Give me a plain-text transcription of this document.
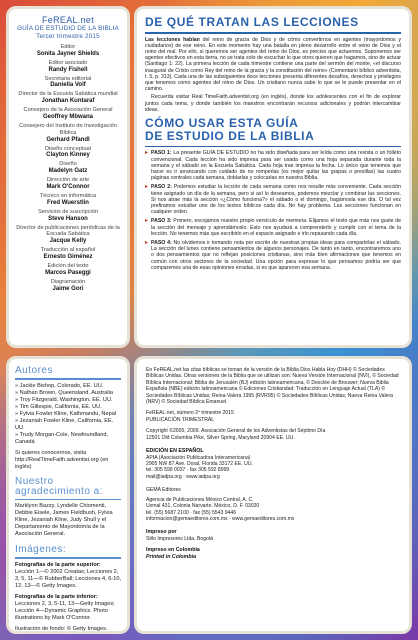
FeREAL.net
GUÍA DE ESTUDIO DE LA BIBLIA
Tercer trimestre 2015
Editor
Sonita Jayner Shields
Editor asociado
Randy Fishell
Secretaria editorial
Daniella Volf
Director de la Escuela Sabática mundial
Jonathan Kuntaraf
Consejero de la Asociación General
Geoffrey Mbwana
Consejero del Instituto de Investigación Bíblica
Gerhard Pfandl
Diseño conceptual
Clayton Kinney
Diseño
Madelyn Gatz
Dirección de arte
Mark O'Connor
Técnico en informática
Fred Wuerstlin
Servicios de suscripción
Steve Hanson
Director de publicaciones periódicas de la Escuela Sabática
Jacque Kelly
Traducción al español
Ernesto Giménez
Edición del texto
Marcos Paseggi
Diagramación
Jaime Gori
DE QUÉ TRATAN LAS LECCIONES
Las lecciones hablan del reino de gracia de Dios y de cómo convertirnos en agentes (mayordomos y ciudadanos) de ese reino. En este momento hay una batalla en pleno desarrollo entre el reino de Dios y el reino del mal. Por ello, si queremos ser agentes del reino de Dios, es preciso que actuemos. Suponemos ser agentes efectivos en esta tierra, no se trata solo de escuchar lo que otros quieren que hagamos, sino de actuar (Santiago 1: 22). La primera lección de cada trimestre contiene una parte del sermón del monte, «el discurso inaugural de Cristo como Rey del reino de la gracia y la constitución del reino» (Comentario bíblico adventista, t. 5, p. 313). Cada una de las subsiguientes doce lecciones presenta diferentes desafíos, derechos y privilegios que tenemos como agentes del reino de Dios. Un cristiano nunca sabe lo que se le puede presentar en el camino.
Recuerda visitar Real TimeFaith.adventist.org (en inglés), donde los adolescentes con el fin de explorar juntos cada tema, y donde también los maestros encontrarán recursos adicionales y podrán intercambiar ideas.
CÓMO USAR ESTA GUÍA
DE ESTUDIO DE LA BIBLIA
▸ PASO 1: La presente GUÍA DE ESTUDIO no ha sido diseñada para ser leída como una revista o un folleto convencional. Cada lección ha sido impresa para ser usada como una hoja separada durante toda la semana y el sábado en la Escuela Sabática. Cada hoja trae impresa la fecha. Lo único que tenemos que hacer es ir arrancando con cuidado de no romperlas (es mejor quitar las grapas o presillas) las cuatro páginas centrales cada semana, doblarlas y colocarlas en nuestra Biblia.
▸ PASO 2: Podemos estudiar la lección de cada semana como nos resulte más conveniente. Cada sección tiene asignado un día de la semana, pero si así lo deseamos, podemos mezclar y combinar las secciones. Si nos atrae más la sección «¿Cómo funciona?» el sábado o el domingo, hagámosla ese día. O tal vez prefiramos estudiar uno de los textos bíblicos cada día. No hay problema. Las secciones funcionan en cualquier orden.
▸ PASO 3: Primero, escojamos nuestro propio versículo de memoria. Elijamos el texto que más nos guste de la sección del mensaje y aprendámoslo. Esto nos ayudará a comprenderlo y cumplir con el tema de la lección. No tenemos más que escribirlo en el espacio asignado e irlo repasando cada día.
▸ PASO 4: No olvidemos ir tomando nota por escrito de nuestras propias ideas para compartirlas el sábado. La sección del lunes contiene pensamientos de algunos personajes. De tanto en tanto, encontraremos uno o dos pensamientos que no reflejan posiciones cristianas, sino más bien afirmaciones que tenemos en común con otros sectores de la sociedad. Una opción para expresar lo que pensamos podría ser que comparemos una de esas opiniones erradas, si es que aparecen esa semana.
Autores
» Jackie Bishop, Colorado, EE. UU.
» Nathan Brown, Queensland, Australia
» Troy Fitzgerald, Washington, EE. UU.
» Tim Gillespie, California, EE. UU.
» Fylvia Fowler Kline, Kathmandu, Nepal
» Jezaniah Fowler Kline, California, EE. UU.
» Trudy Morgan-Cole, Newfoundland, Canadá
Si quieres conocernos, visita http://RealTimeFaith.adventist.org (en inglés)
Nuestro
agradecimiento a:
Marklynn Bazzy, Lyndelle Chiomenti, Debbie Eisele, James Fieldbush, Fylvia Kline, Jezaniah Kline, Judy Shull y el Departamento de Mayordomía de la Asociación General.
Imágenes:
Fotografías de la parte superior:
Lección 1—© 2002 Creatas; Lecciones 2, 3, 5, 11—© RubberBall; Lecciones 4, 6-10, 12, 13—© Getty Images.
Fotografías de la parte inferior:
Lecciones 2, 3, 5-11, 13—Getty Images; Lección 4—Dynamic Graphics. Photo illustrations by Mark O'Connor.
Ilustración de fondo: © Getty Images.
En FeREAL.net las citas bíblicas se toman de la versión de la Biblia Dios Habla Hoy (DHH) © Sociedades Bíblicas Unidas. Otras versiones de la Biblia que se utilizan son: Nueva Versión Internacional (NVI), © Sociedad Bíblica Internacional; Biblia de Jerusalén (BJ) edición latinoamericana, © Desclée de Brouwer; Nueva Biblia Española (NBE) edición latinoamericana © Ediciones Cristiandad; Traducción en Lenguaje Actual (TLA) © Sociedades Bíblicas Unidas; Reina-Valera 1995 (RVR95) © Sociedades Bíblicas Unidas; Nueva Reina Valera (NRV) © Sociedad Bíblica Emanuel.
FeREAL.net, número 2º trimestre 2015
PUBLICACIÓN TRIMESTRAL
Copyright ©2005, 2009. Asociación General de los Adventistas del Séptimo Día
12501 Old Columbia Pike, Silver Spring, Maryland 20904 EE. UU.
EDICIÓN EN ESPAÑOL
APIA (Asociación Publicadora Interamericana)
2905 NW 87 Ave. Doral, Florida 33172 EE. UU.
tel. 305 599 0037 · fax 305 592 8999
mail@iadpa.org · www.iadpa.org
GEMA Editores
Agencia de Publicaciones México Central, A. C.
Uxmal 431, Colonia Narvarte, México, D. F. 03020
tel. (55) 5687 2100 · fax (55) 5543 9446
informacion@gemaeditores.com.mx · www.gemaeditores.com.mx
Impreso por
Stilo Impresores Ltda. Bogotá
Impreso en Colombia
Printed in Colombia
